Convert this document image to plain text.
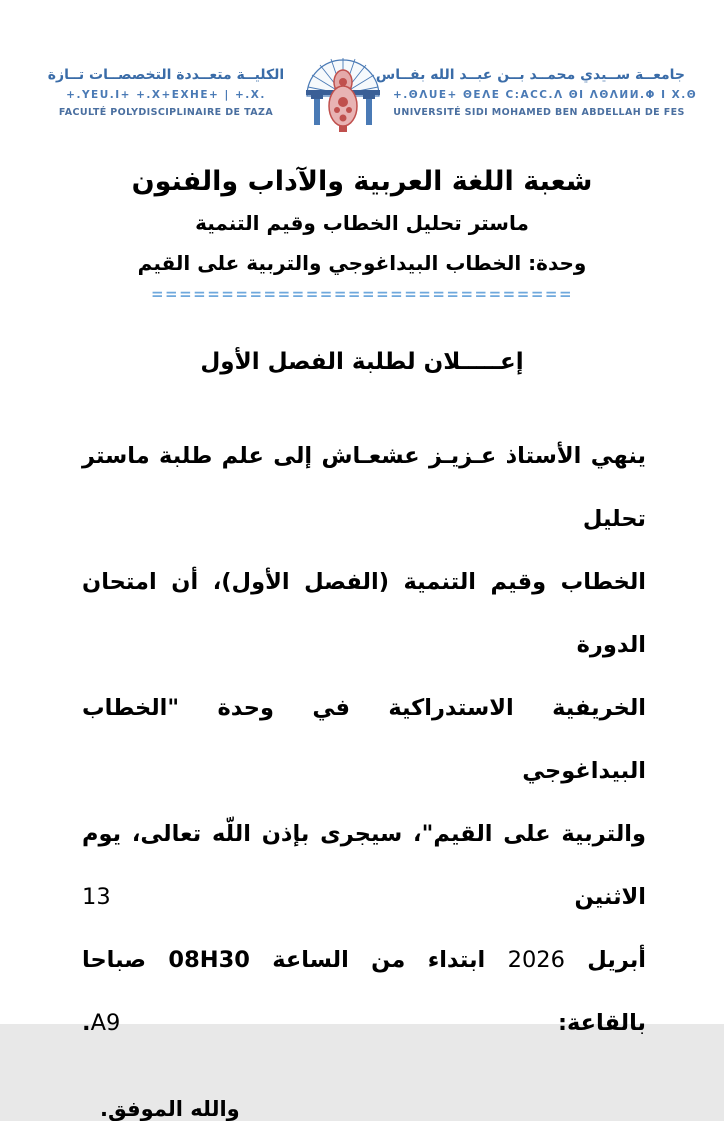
الكليــة متعــددة التخصصــات تــازة
+.YEU.I+ +.X+EXHE+ | +.X.
FACULTÉ POLYDISCIPLINAIRE DE TAZA
جامعــة ســيدي محمــد بــن عبــد الله بفــاس
+.ΘΛUE+ ΘEΛE C:ACC.Λ ΘI ΛΘΛИИ.Φ I X.Θ
UNIVERSITÉ SIDI MOHAMED BEN ABDELLAH DE FES
شعبة اللغة العربية والآداب والفنون
ماستر تحليل الخطاب وقيم التنمية
وحدة: الخطاب البيداغوجي والتربية على القيم
==============================
إعـــــلان لطلبة الفصل الأول
ينهي الأستاذ عـزيـز عشعـاش إلى علم طلبة ماستر تحليل
الخطاب وقيم التنمية (الفصل الأول)، أن امتحان الدورة
الخريفية الاستدراكية في وحدة "الخطاب البيداغوجي
والتربية على القيم"، سيجرى بإذن اللّه تعالى، يوم الاثنين 13
أبريل 2026 ابتداء من الساعة 08H30 صباحا بالقاعة: A9.
والله الموفق.
